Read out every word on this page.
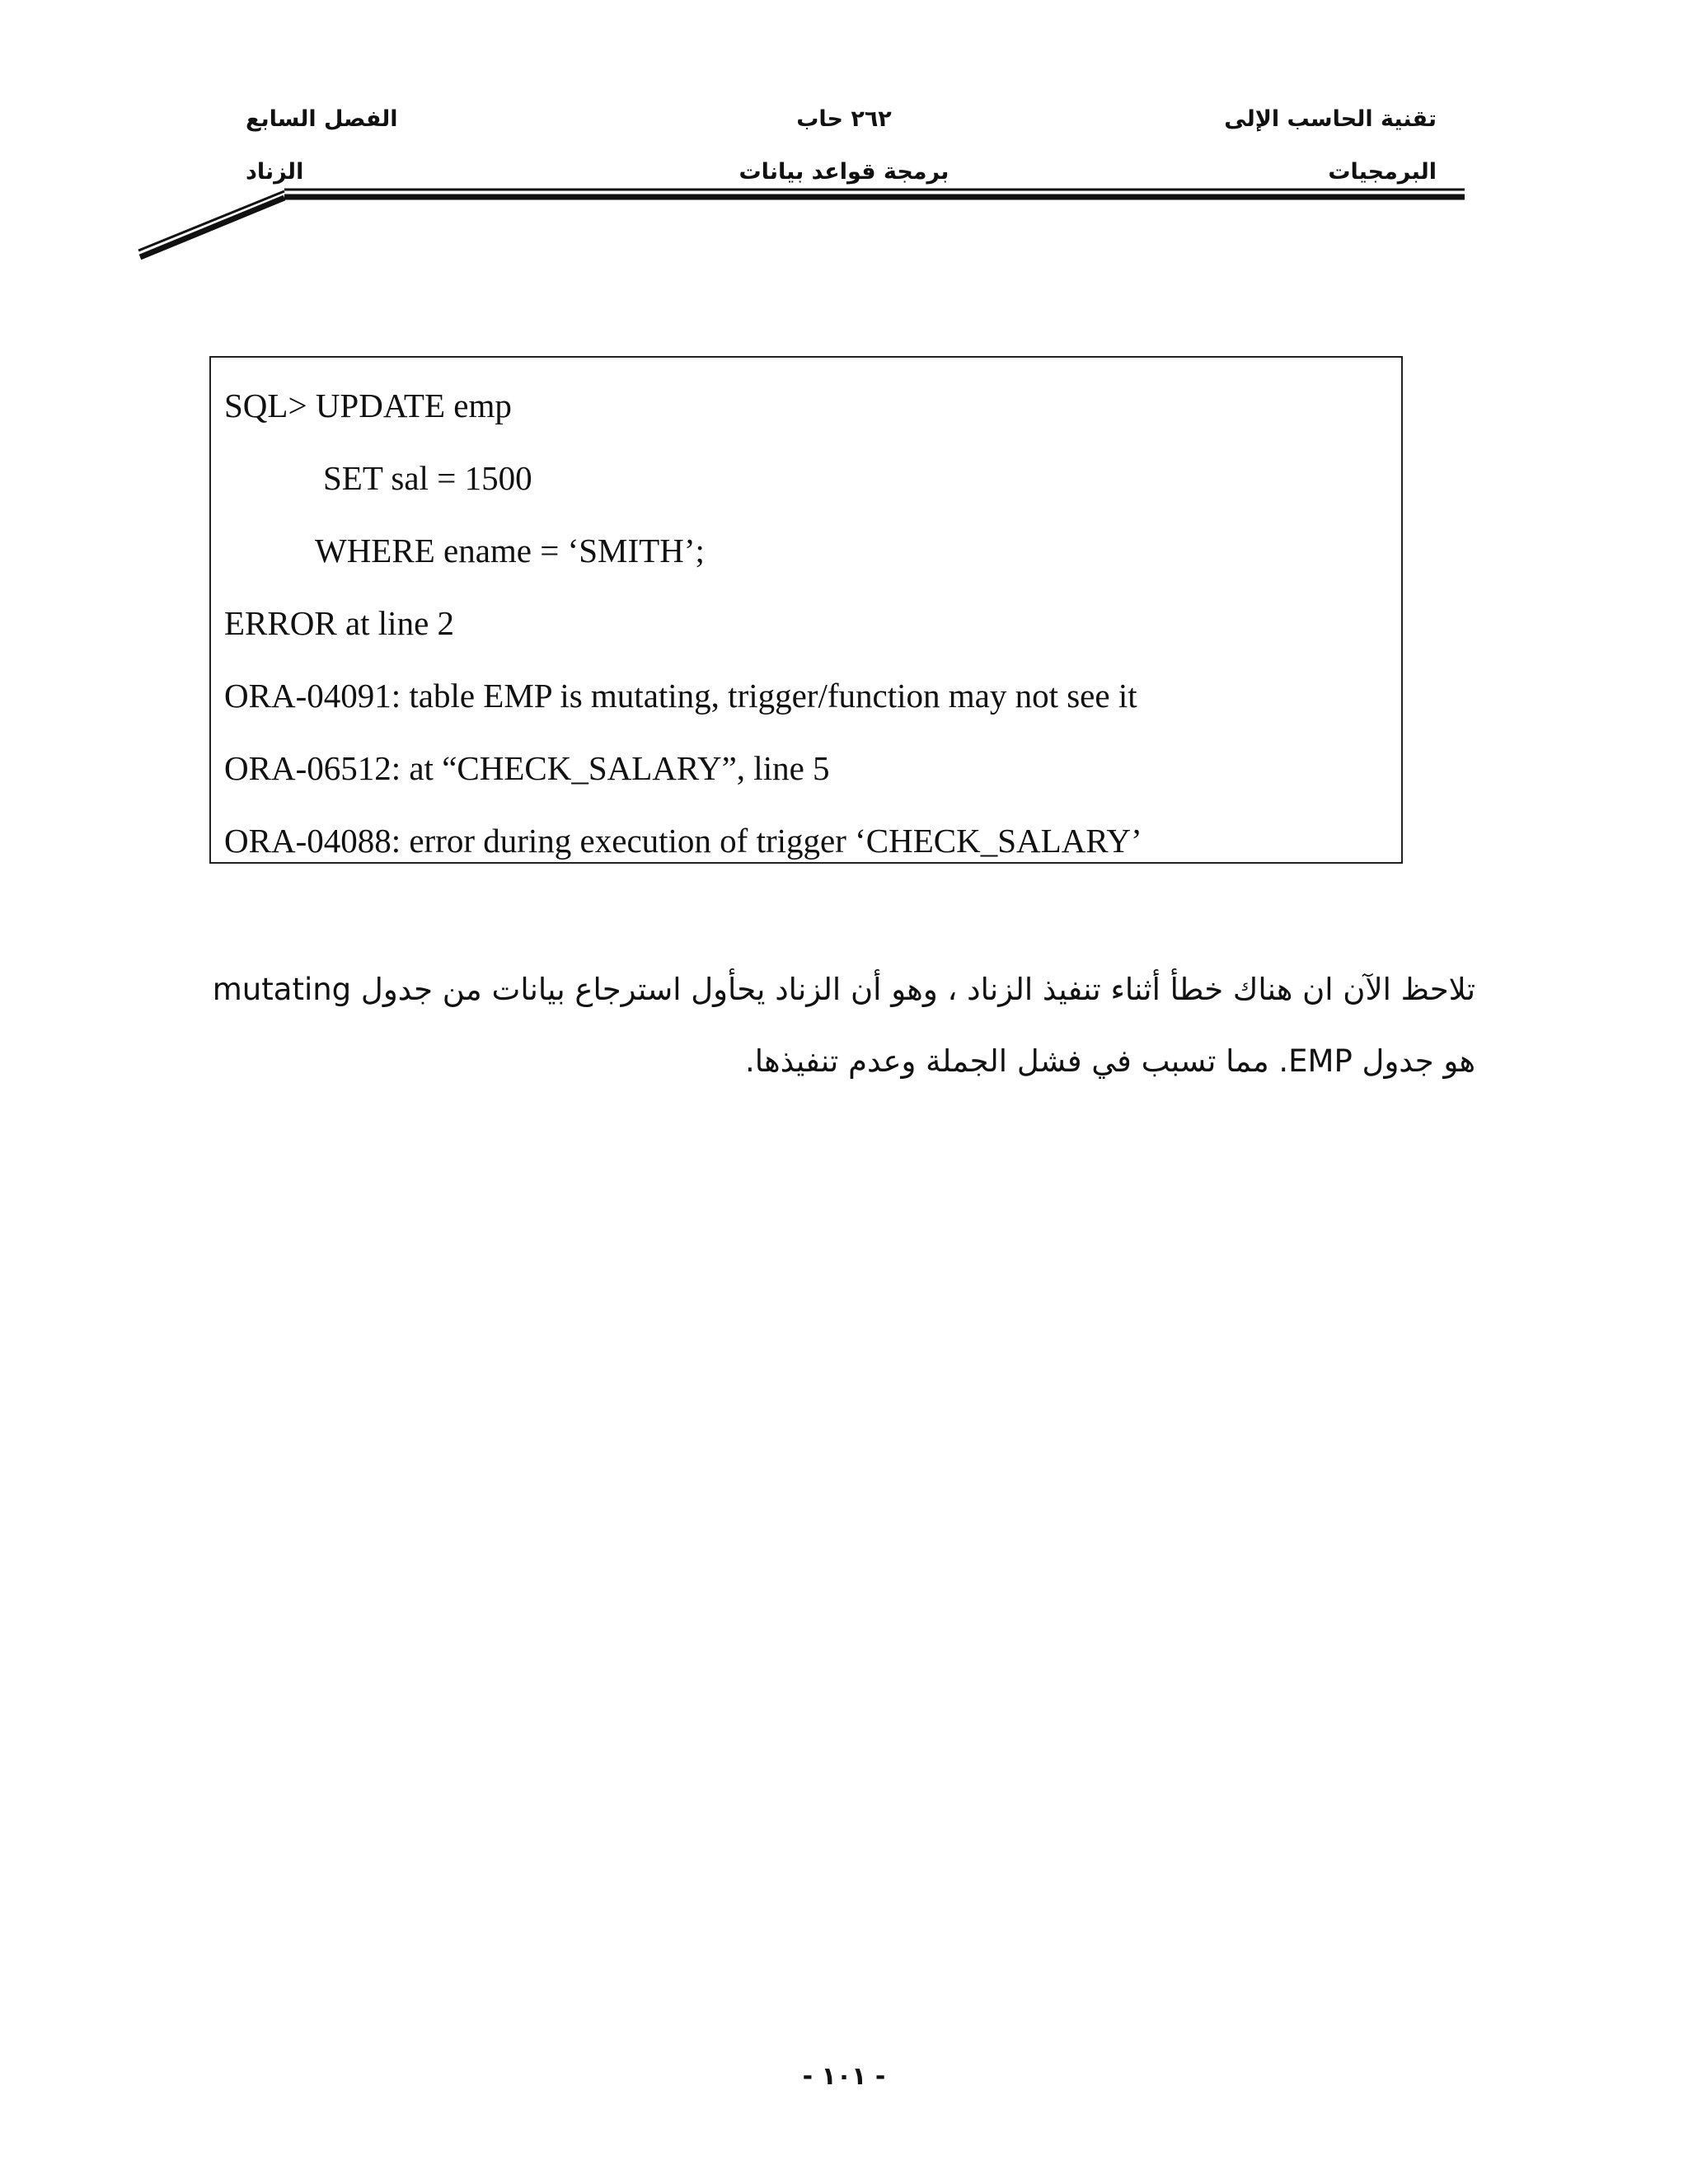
تقنية الحاسب الإلى
البرمجيات
٢٦٢ حاب
برمجة قواعد بيانات
الفصل السابع
الزناد
SQL> UPDATE emp
SET sal = 1500
WHERE ename = ‘SMITH’;
ERROR at line 2
ORA-04091: table EMP is mutating, trigger/function may not see it
ORA-06512: at “CHECK_SALARY”, line 5
ORA-04088: error during execution of trigger ‘CHECK_SALARY’
تلاحظ الآن ان هناك خطأ أثناء تنفيذ الزناد ، وهو أن الزناد يحأول استرجاع بيانات من جدول mutating
هو جدول EMP. مما تسبب في فشل الجملة وعدم تنفيذها.
- ١٠١ -
